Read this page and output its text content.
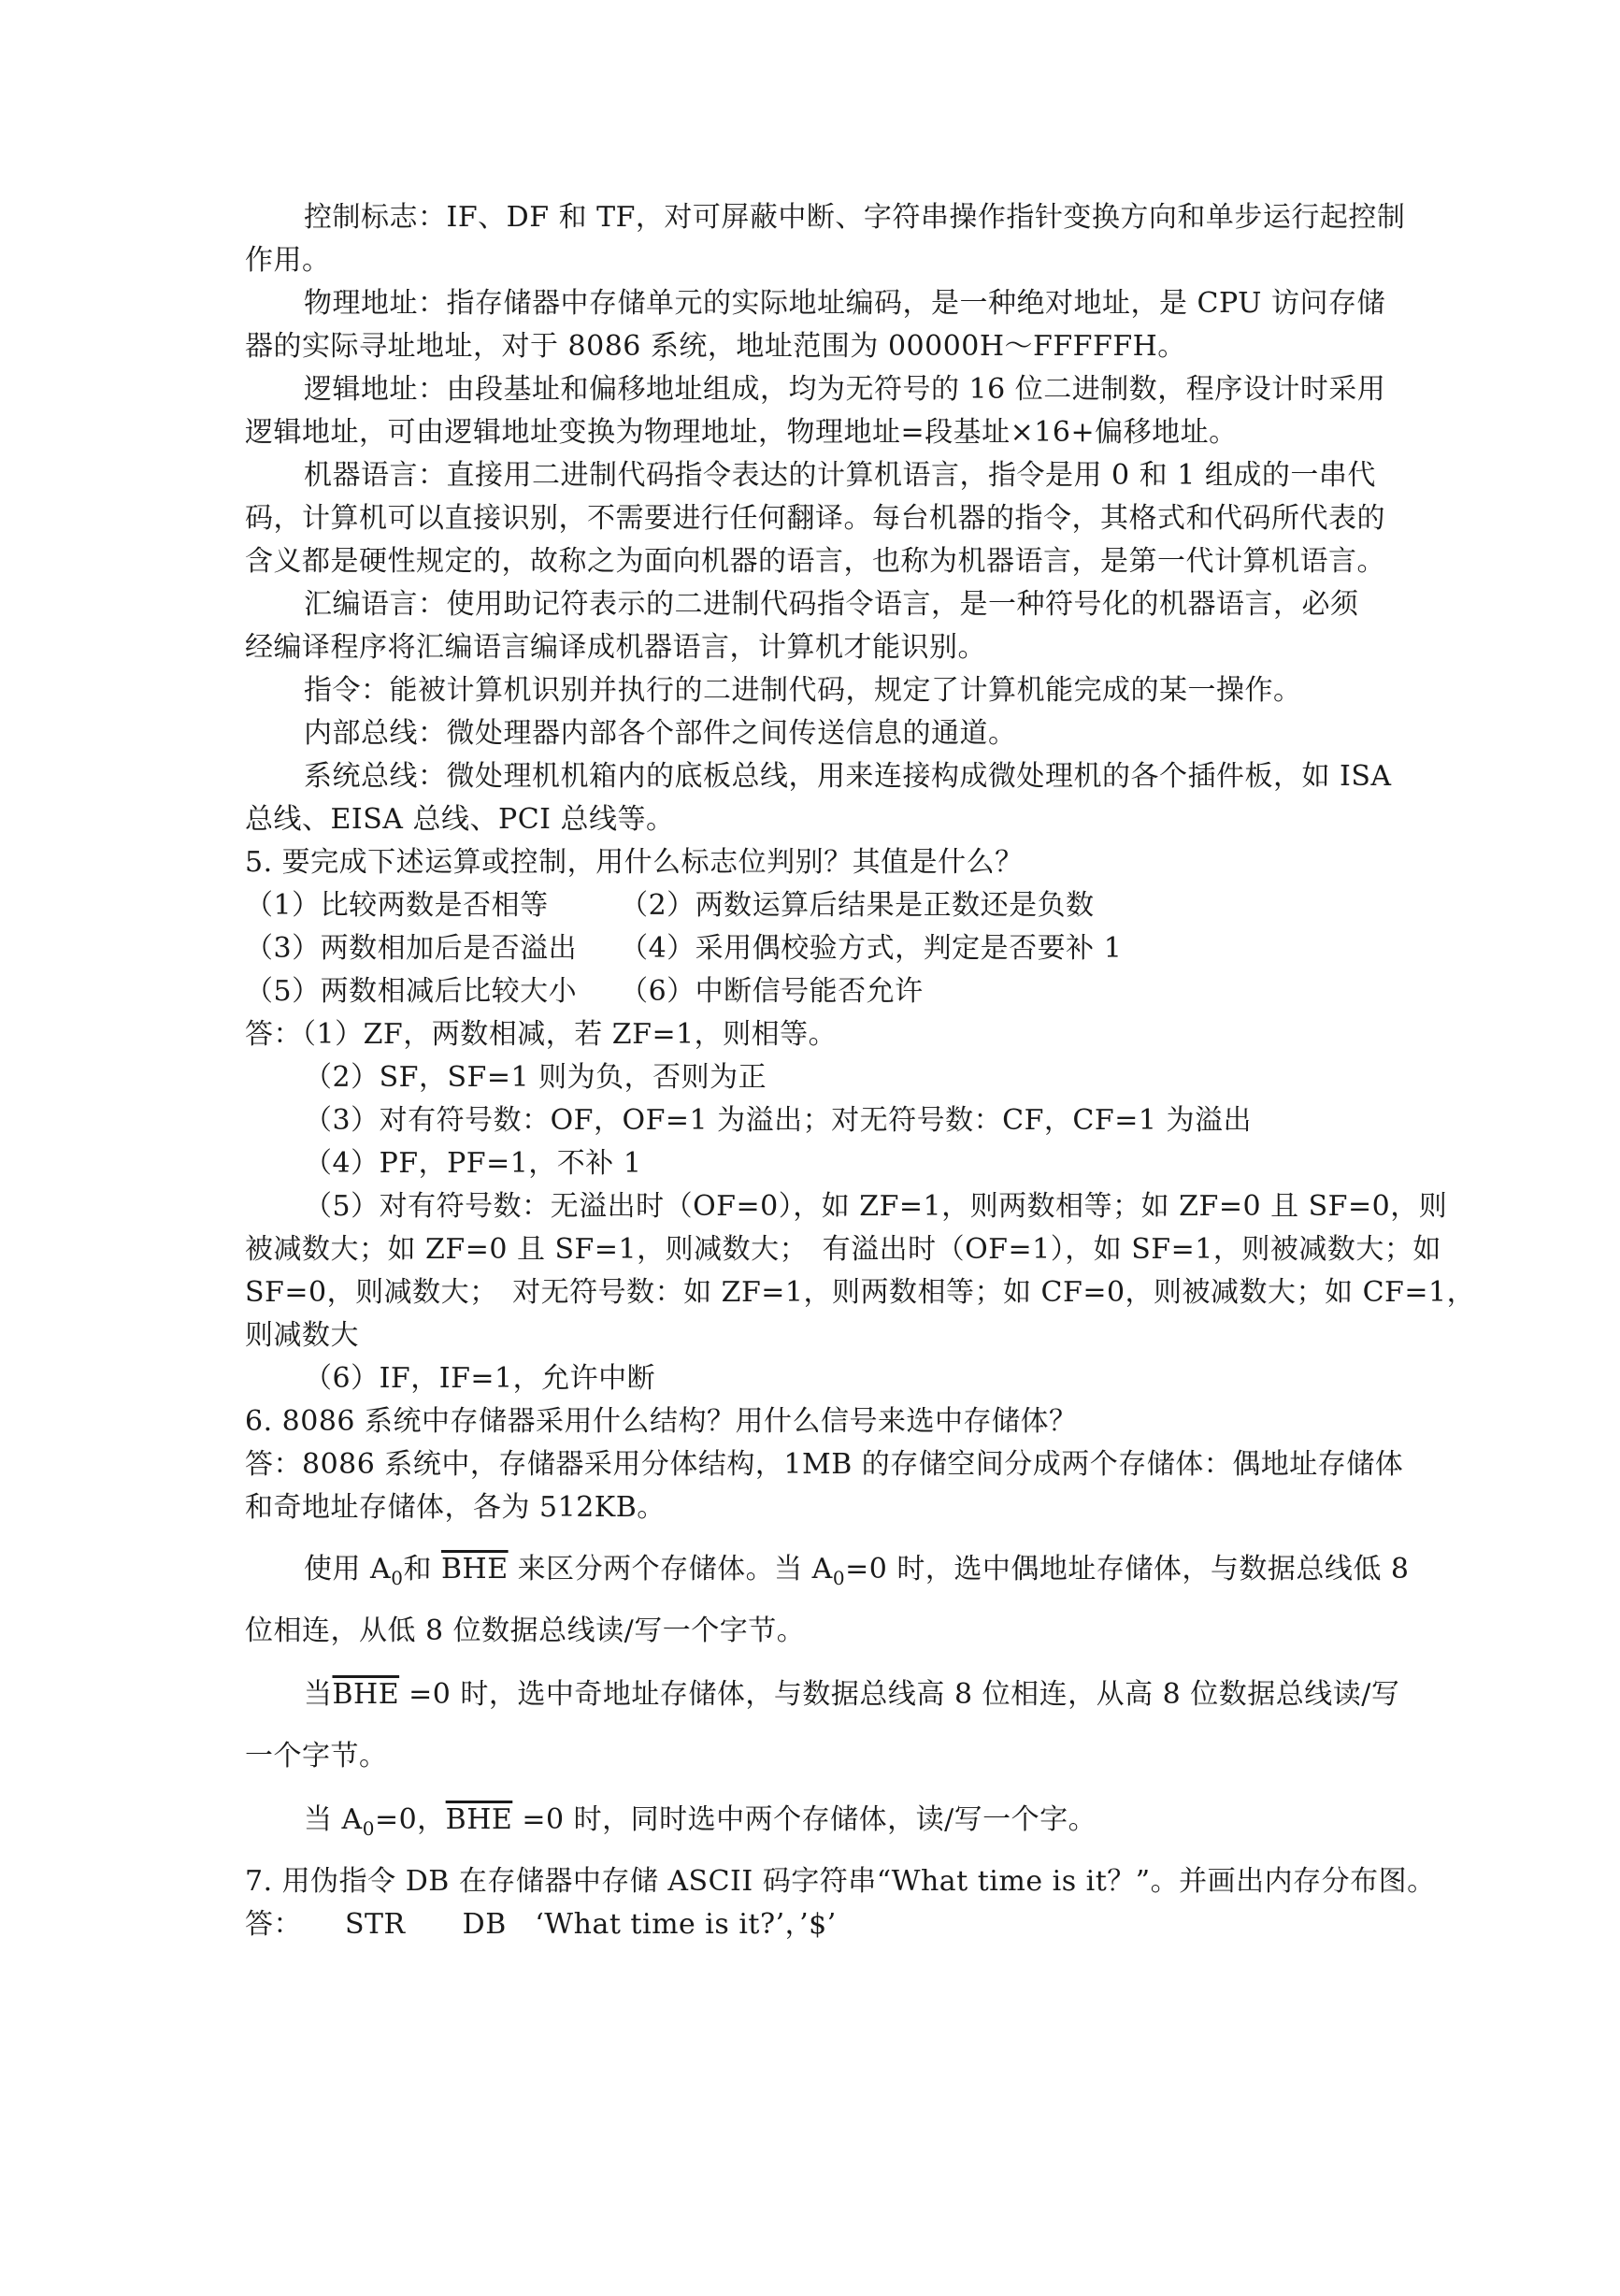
控制标志：IF、DF 和 TF，对可屏蔽中断、字符串操作指针变换方向和单步运行起控制
作用。
物理地址：指存储器中存储单元的实际地址编码，是一种绝对地址，是 CPU 访问存储
器的实际寻址地址，对于 8086 系统，地址范围为 00000H～FFFFFH。
逻辑地址：由段基址和偏移地址组成，均为无符号的 16 位二进制数，程序设计时采用
逻辑地址，可由逻辑地址变换为物理地址，物理地址=段基址×16+偏移地址。
机器语言：直接用二进制代码指令表达的计算机语言，指令是用 0 和 1 组成的一串代
码，计算机可以直接识别，不需要进行任何翻译。每台机器的指令，其格式和代码所代表的
含义都是硬性规定的，故称之为面向机器的语言，也称为机器语言，是第一代计算机语言。
汇编语言：使用助记符表示的二进制代码指令语言，是一种符号化的机器语言，必须
经编译程序将汇编语言编译成机器语言，计算机才能识别。
指令：能被计算机识别并执行的二进制代码，规定了计算机能完成的某一操作。
内部总线：微处理器内部各个部件之间传送信息的通道。
系统总线：微处理机机箱内的底板总线，用来连接构成微处理机的各个插件板，如 ISA
总线、EISA 总线、PCI 总线等。
5. 要完成下述运算或控制，用什么标志位判别？其值是什么？
（1）比较两数是否相等　　　（2）两数运算后结果是正数还是负数
（3）两数相加后是否溢出　　（4）采用偶校验方式，判定是否要补 1
（5）两数相减后比较大小　　（6）中断信号能否允许
答：（1）ZF，两数相减，若 ZF=1，则相等。
（2）SF，SF=1 则为负，否则为正
（3）对有符号数：OF，OF=1 为溢出；对无符号数：CF，CF=1 为溢出
（4）PF，PF=1，不补 1
（5）对有符号数：无溢出时（OF=0），如 ZF=1，则两数相等；如 ZF=0 且 SF=0，则
被减数大；如 ZF=0 且 SF=1，则减数大；　有溢出时（OF=1），如 SF=1，则被减数大；如
SF=0，则减数大；　对无符号数：如 ZF=1，则两数相等；如 CF=0，则被减数大；如 CF=1，
则减数大
（6）IF，IF=1，允许中断
6. 8086 系统中存储器采用什么结构？用什么信号来选中存储体？
答：8086 系统中，存储器采用分体结构，1MB 的存储空间分成两个存储体：偶地址存储体
和奇地址存储体，各为 512KB。
使用 $A_0$和 $\overline{BHE}$ 来区分两个存储体。当 $A_0=0$ 时，选中偶地址存储体，与数据总线低 8
位相连，从低 8 位数据总线读/写一个字节。
当$\overline{BHE} =0$ 时，选中奇地址存储体，与数据总线高 8 位相连，从高 8 位数据总线读/写
一个字节。
当 $A_0=0$，$\overline{BHE} =0$ 时，同时选中两个存储体，读/写一个字。
7. 用伪指令 DB 在存储器中存储 ASCII 码字符串“What time is it？”。并画出内存分布图。
答：　　STR　　DB　‘What time is it?’，’$’
